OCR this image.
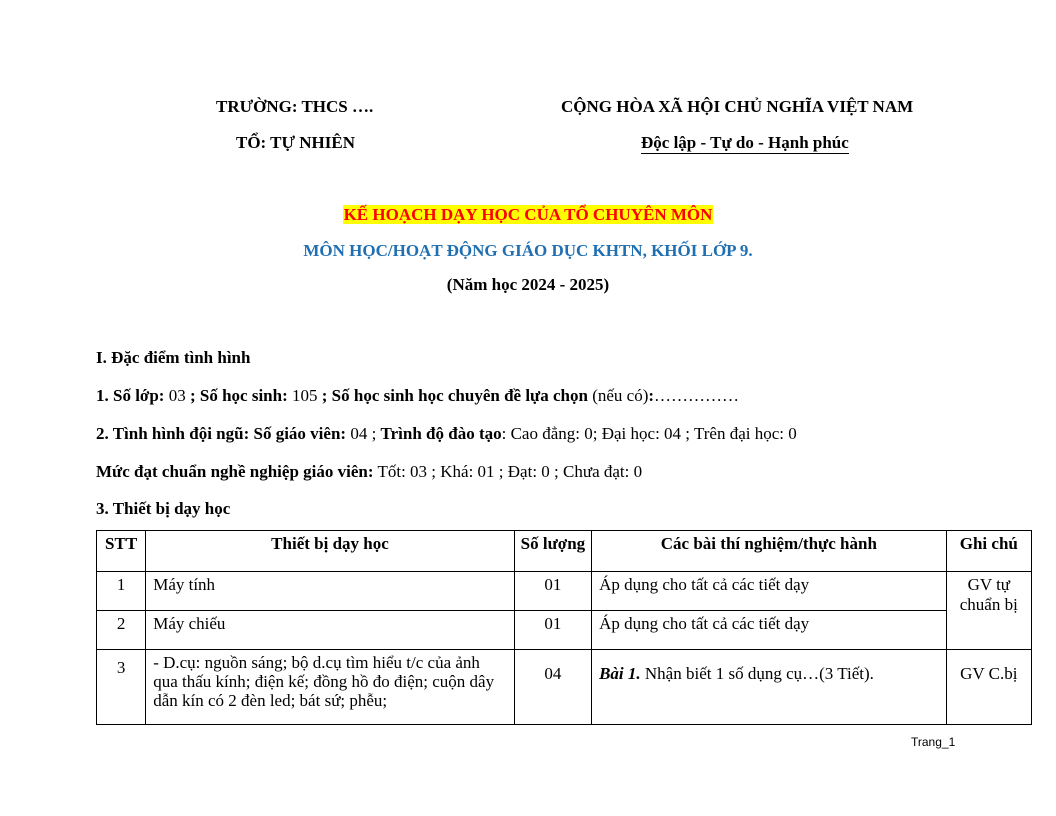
TRƯỜNG: THCS ….
TỔ: TỰ NHIÊN
CỘNG HÒA XÃ HỘI CHỦ NGHĨA VIỆT NAM
Độc lập - Tự do - Hạnh phúc
KẾ HOẠCH DẠY HỌC CỦA TỔ CHUYÊN MÔN
MÔN HỌC/HOẠT ĐỘNG GIÁO DỤC KHTN, KHỐI LỚP 9.
(Năm học 2024 - 2025)
I. Đặc điểm tình hình
1. Số lớp: 03 ; Số học sinh: 105 ; Số học sinh học chuyên đề lựa chọn (nếu có):……………
2. Tình hình đội ngũ: Số giáo viên: 04 ; Trình độ đào tạo: Cao đẳng: 0; Đại học: 04 ; Trên đại học: 0
Mức đạt chuẩn nghề nghiệp giáo viên: Tốt: 03 ; Khá: 01 ; Đạt: 0 ; Chưa đạt: 0
3. Thiết bị dạy học
STT	Thiết bị dạy học	Số lượng	Các bài thí nghiệm/thực hành	Ghi chú
1	Máy tính	01	Áp dụng cho tất cả các tiết dạy	GV tự chuẩn bị
2	Máy chiếu	01	Áp dụng cho tất cả các tiết dạy	
3	- D.cụ: nguồn sáng; bộ d.cụ tìm hiểu t/c của ảnh qua thấu kính; điện kế; đồng hồ đo điện; cuộn dây dẫn kín có 2 đèn led; bát sứ; phễu;	04	Bài 1. Nhận biết 1 số dụng cụ…(3 Tiết).	GV C.bị
Trang_1
